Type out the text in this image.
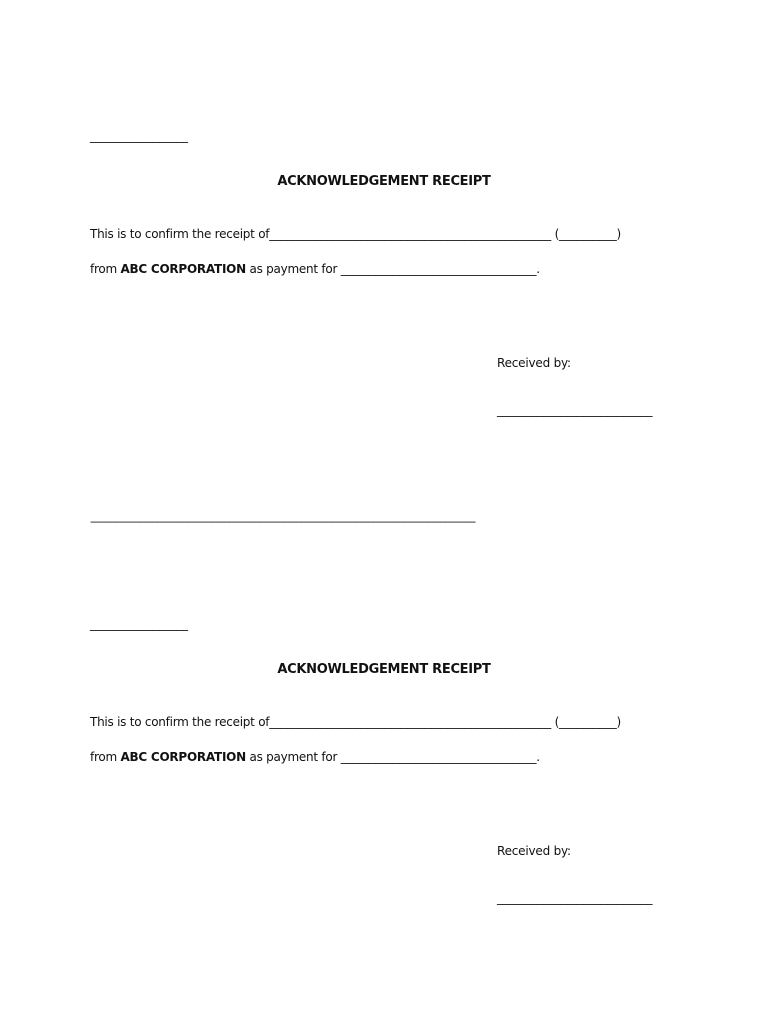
_________________
ACKNOWLEDGEMENT RECEIPT
This is to confirm the receipt of_________________________________________________ (__________)
from ABC CORPORATION as payment for __________________________________.
Received by:
___________________________
-------------------------------------------------------------------------------------------------------------------------------------------
_________________
ACKNOWLEDGEMENT RECEIPT
This is to confirm the receipt of_________________________________________________ (__________)
from ABC CORPORATION as payment for __________________________________.
Received by:
___________________________
